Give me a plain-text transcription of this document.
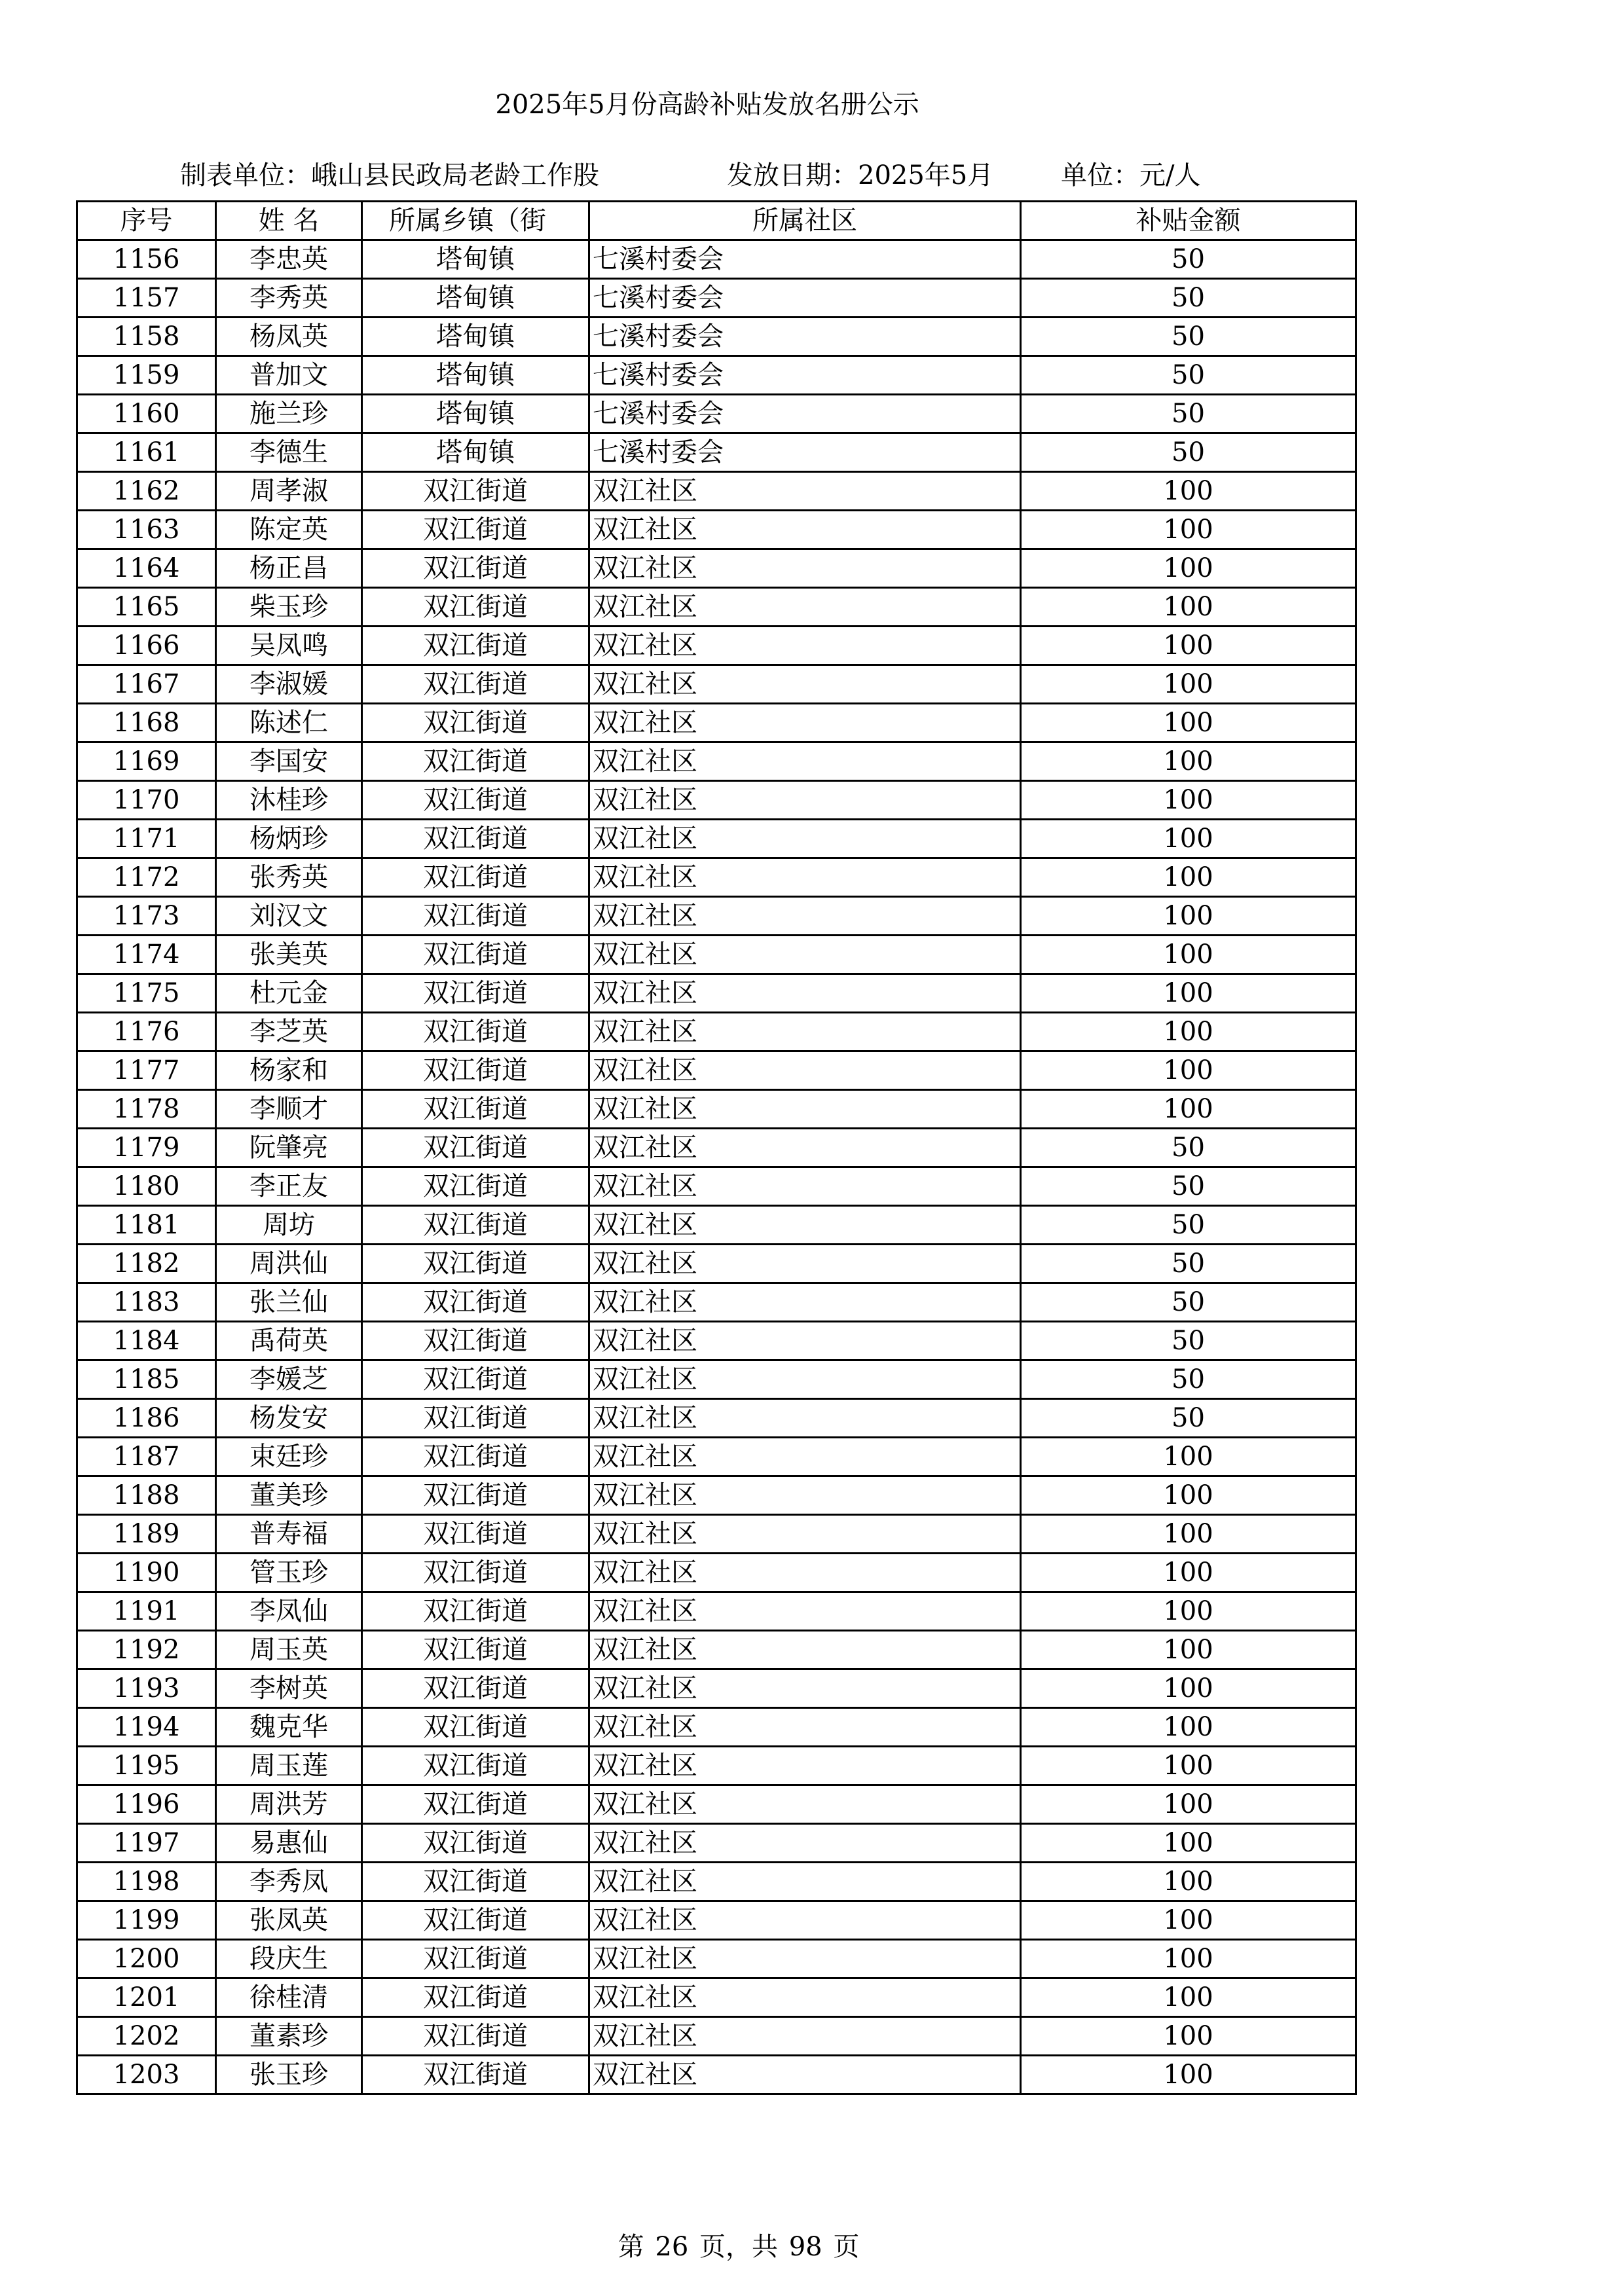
2025年5月份高龄补贴发放名册公示
制表单位：峨山县民政局老龄工作股	发放日期：2025年5月	单位：元/人
序号	姓 名	所属乡镇（街	所属社区	补贴金额
1156	李忠英	塔甸镇	七溪村委会	50
1157	李秀英	塔甸镇	七溪村委会	50
1158	杨凤英	塔甸镇	七溪村委会	50
1159	普加文	塔甸镇	七溪村委会	50
1160	施兰珍	塔甸镇	七溪村委会	50
1161	李德生	塔甸镇	七溪村委会	50
1162	周孝淑	双江街道	双江社区	100
1163	陈定英	双江街道	双江社区	100
1164	杨正昌	双江街道	双江社区	100
1165	柴玉珍	双江街道	双江社区	100
1166	吴凤鸣	双江街道	双江社区	100
1167	李淑媛	双江街道	双江社区	100
1168	陈述仁	双江街道	双江社区	100
1169	李国安	双江街道	双江社区	100
1170	沐桂珍	双江街道	双江社区	100
1171	杨炳珍	双江街道	双江社区	100
1172	张秀英	双江街道	双江社区	100
1173	刘汉文	双江街道	双江社区	100
1174	张美英	双江街道	双江社区	100
1175	杜元金	双江街道	双江社区	100
1176	李芝英	双江街道	双江社区	100
1177	杨家和	双江街道	双江社区	100
1178	李顺才	双江街道	双江社区	100
1179	阮肇亮	双江街道	双江社区	50
1180	李正友	双江街道	双江社区	50
1181	周坊	双江街道	双江社区	50
1182	周洪仙	双江街道	双江社区	50
1183	张兰仙	双江街道	双江社区	50
1184	禹荷英	双江街道	双江社区	50
1185	李媛芝	双江街道	双江社区	50
1186	杨发安	双江街道	双江社区	50
1187	束廷珍	双江街道	双江社区	100
1188	董美珍	双江街道	双江社区	100
1189	普寿福	双江街道	双江社区	100
1190	管玉珍	双江街道	双江社区	100
1191	李凤仙	双江街道	双江社区	100
1192	周玉英	双江街道	双江社区	100
1193	李树英	双江街道	双江社区	100
1194	魏克华	双江街道	双江社区	100
1195	周玉莲	双江街道	双江社区	100
1196	周洪芳	双江街道	双江社区	100
1197	易惠仙	双江街道	双江社区	100
1198	李秀凤	双江街道	双江社区	100
1199	张凤英	双江街道	双江社区	100
1200	段庆生	双江街道	双江社区	100
1201	徐桂清	双江街道	双江社区	100
1202	董素珍	双江街道	双江社区	100
1203	张玉珍	双江街道	双江社区	100
第 26 页，共 98 页
